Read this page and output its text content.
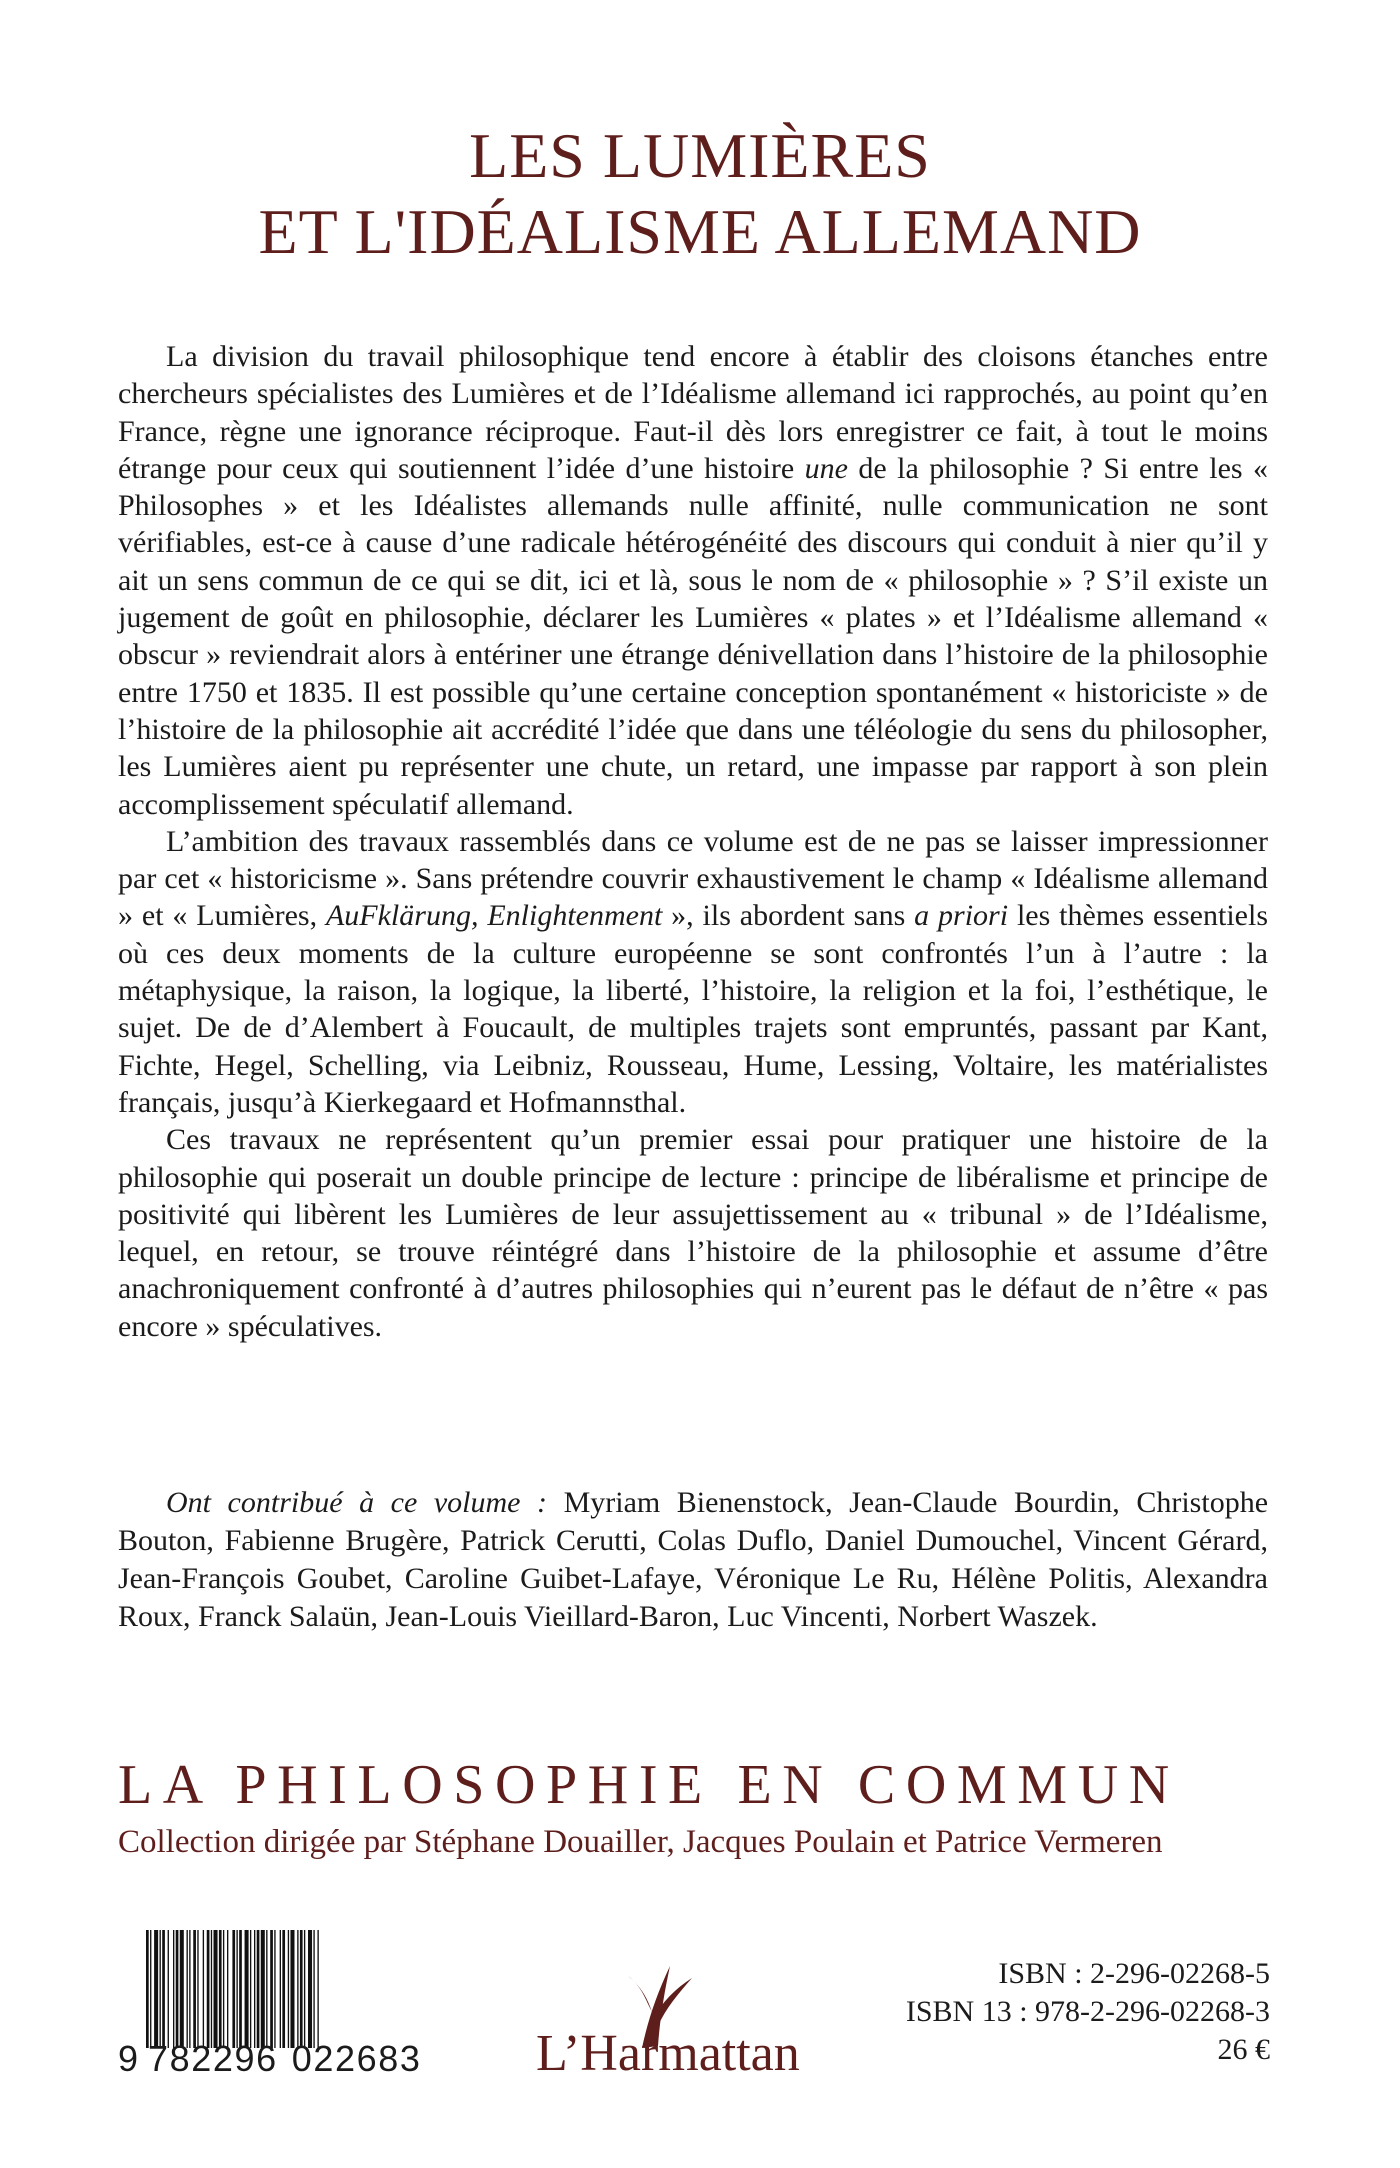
LES LUMIÈRES
ET L'IDÉALISME ALLEMAND

La division du travail philosophique tend encore à établir des cloisons étanches entre chercheurs spécialistes des Lumières et de l’Idéalisme allemand ici rapprochés, au point qu’en France, règne une ignorance réciproque. Faut-il dès lors enregistrer ce fait, à tout le moins étrange pour ceux qui soutiennent l’idée d’une histoire une de la philosophie ? Si entre les « Philosophes » et les Idéalistes allemands nulle affinité, nulle communication ne sont vérifiables, est-ce à cause d’une radicale hétérogénéité des discours qui conduit à nier qu’il y ait un sens commun de ce qui se dit, ici et là, sous le nom de « philosophie » ? S’il existe un jugement de goût en philosophie, déclarer les Lumières « plates » et l’Idéalisme allemand « obscur » reviendrait alors à entériner une étrange dénivellation dans l’histoire de la philosophie entre 1750 et 1835. Il est possible qu’une certaine conception spontanément « historiciste » de l’histoire de la philosophie ait accrédité l’idée que dans une téléologie du sens du philosopher, les Lumières aient pu représenter une chute, un retard, une impasse par rapport à son plein accomplissement spéculatif allemand.

L’ambition des travaux rassemblés dans ce volume est de ne pas se laisser impressionner par cet « historicisme ». Sans prétendre couvrir exhaustivement le champ « Idéalisme allemand » et « Lumières, AuFklärung, Enlightenment », ils abordent sans a priori les thèmes essentiels où ces deux moments de la culture européenne se sont confrontés l’un à l’autre : la métaphysique, la raison, la logique, la liberté, l’histoire, la religion et la foi, l’esthétique, le sujet. De de d’Alembert à Foucault, de multiples trajets sont empruntés, passant par Kant, Fichte, Hegel, Schelling, via Leibniz, Rousseau, Hume, Lessing, Voltaire, les matérialistes français, jusqu’à Kierkegaard et Hofmannsthal.

Ces travaux ne représentent qu’un premier essai pour pratiquer une histoire de la philosophie qui poserait un double principe de lecture : principe de libéralisme et principe de positivité qui libèrent les Lumières de leur assujettissement au « tribunal » de l’Idéalisme, lequel, en retour, se trouve réintégré dans l’histoire de la philosophie et assume d’être anachroniquement confronté à d’autres philosophies qui n’eurent pas le défaut de n’être « pas encore » spéculatives.

Ont contribué à ce volume : Myriam Bienenstock, Jean-Claude Bourdin, Christophe Bouton, Fabienne Brugère, Patrick Cerutti, Colas Duflo, Daniel Dumouchel, Vincent Gérard, Jean-François Goubet, Caroline Guibet-Lafaye, Véronique Le Ru, Hélène Politis, Alexandra Roux, Franck Salaün, Jean-Louis Vieillard-Baron, Luc Vincenti, Norbert Waszek.

LA PHILOSOPHIE EN COMMUN
Collection dirigée par Stéphane Douailler, Jacques Poulain et Patrice Vermeren
9 782296 022683	L’Harmattan
ISBN : 2-296-02268-5
ISBN 13 : 978-2-296-02268-3
26 €
